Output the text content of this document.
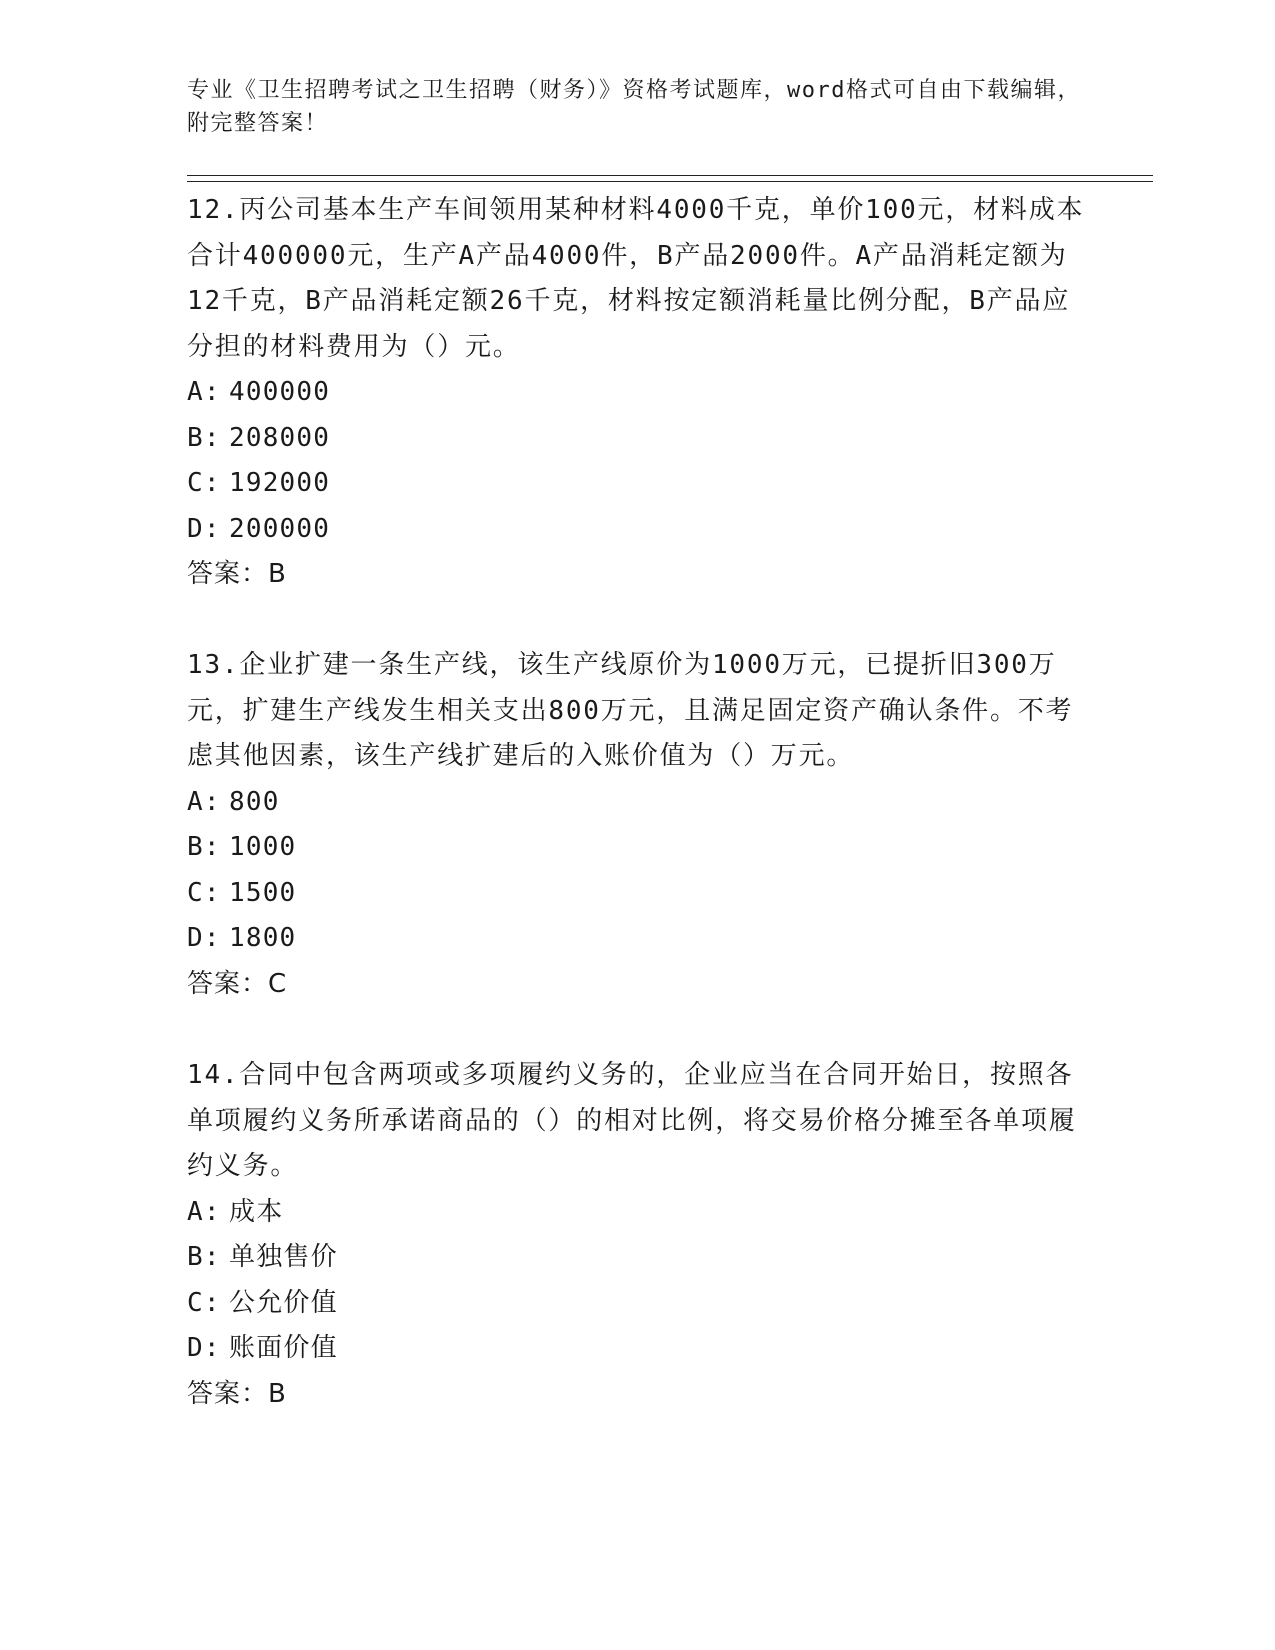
专业《卫生招聘考试之卫生招聘（财务）》资格考试题库，word格式可自由下载编辑，附完整答案！

12.丙公司基本生产车间领用某种材料4000千克，单价100元，材料成本合计400000元，生产A产品4000件，B产品2000件。A产品消耗定额为12千克，B产品消耗定额26千克，材料按定额消耗量比例分配，B产品应分担的材料费用为（）元。

A: 400000

B: 208000

C: 192000

D: 200000

答案：B

13.企业扩建一条生产线，该生产线原价为1000万元，已提折旧300万元，扩建生产线发生相关支出800万元，且满足固定资产确认条件。不考虑其他因素，该生产线扩建后的入账价值为（）万元。

A: 800

B: 1000

C: 1500

D: 1800

答案：C

14.合同中包含两项或多项履约义务的，企业应当在合同开始日，按照各单项履约义务所承诺商品的（）的相对比例，将交易价格分摊至各单项履约义务。

A: 成本

B: 单独售价

C: 公允价值

D: 账面价值

答案：B
